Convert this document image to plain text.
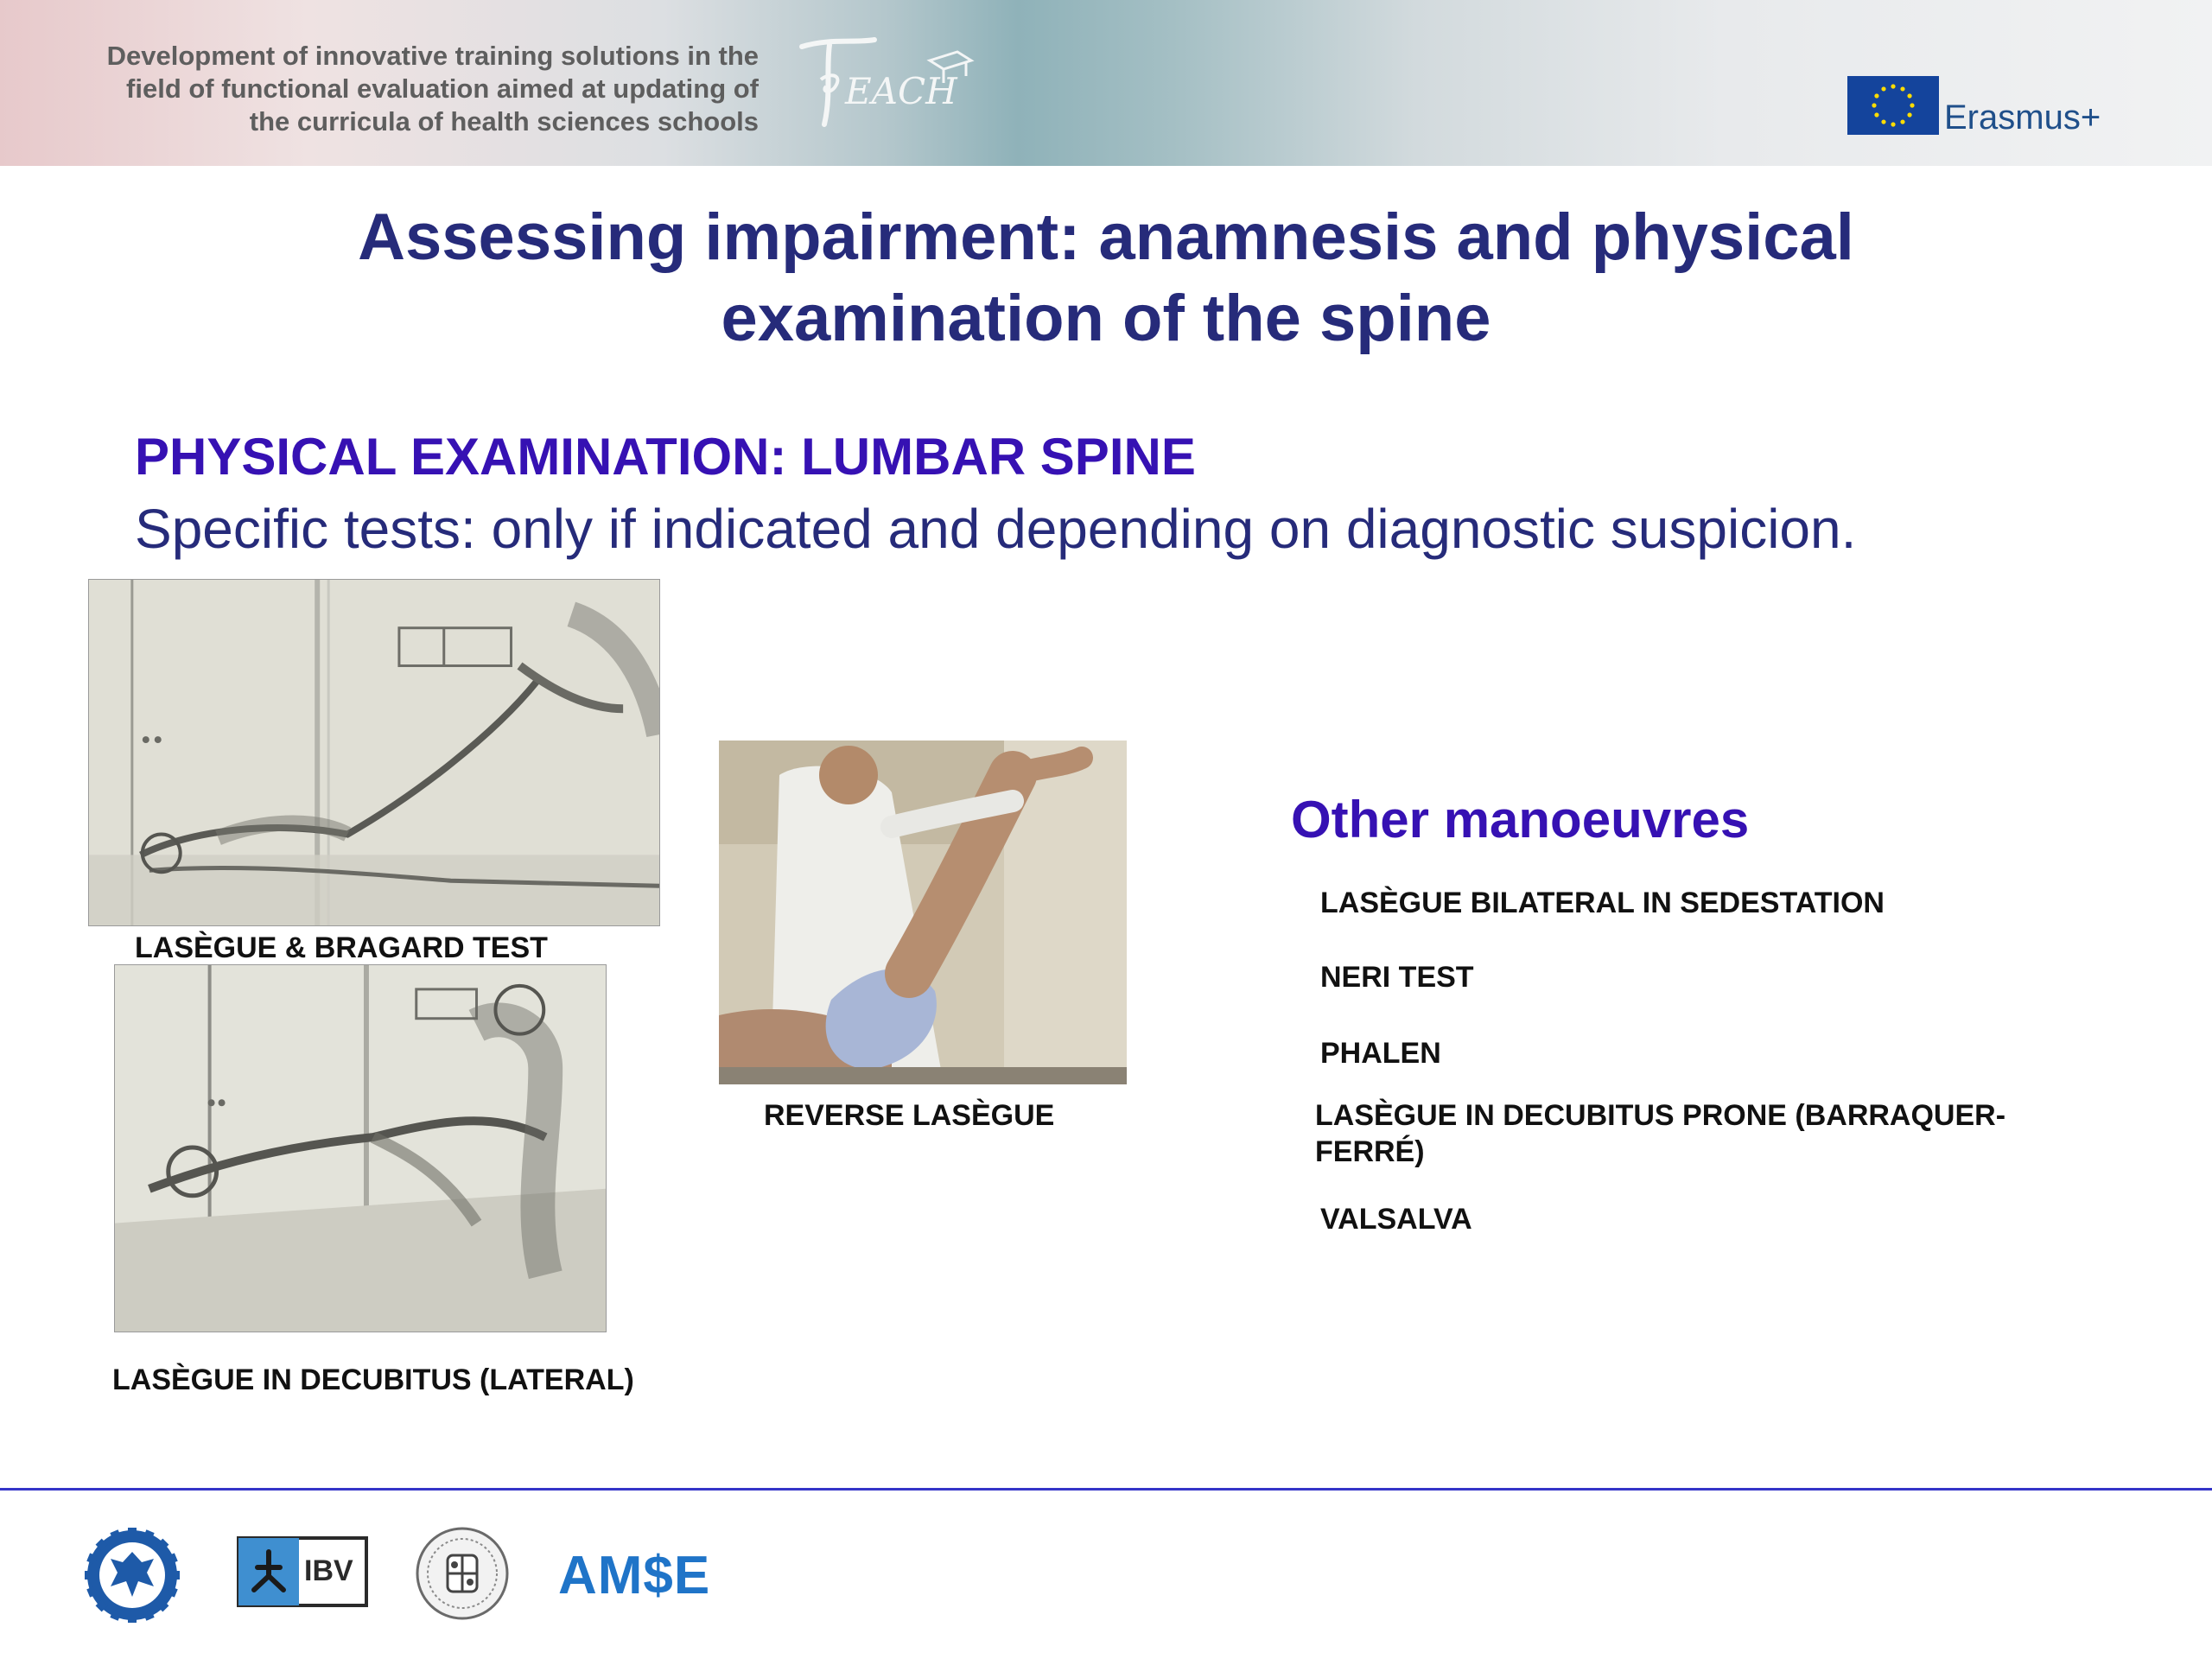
Development of innovative training solutions in the
field of functional evaluation aimed at updating of
the curricula of health sciences schools
EACH
Erasmus+
Assessing impairment: anamnesis and physical
examination of the spine
PHYSICAL EXAMINATION: LUMBAR SPINE
Specific tests: only if indicated and depending on diagnostic suspicion.
LASÈGUE & BRAGARD TEST
LASÈGUE IN DECUBITUS (LATERAL)
REVERSE LASÈGUE
Other manoeuvres
LASÈGUE BILATERAL IN SEDESTATION
NERI TEST
PHALEN
LASÈGUE IN DECUBITUS PRONE (BARRAQUER-FERRÉ)
VALSALVA
IBV	AM$E
